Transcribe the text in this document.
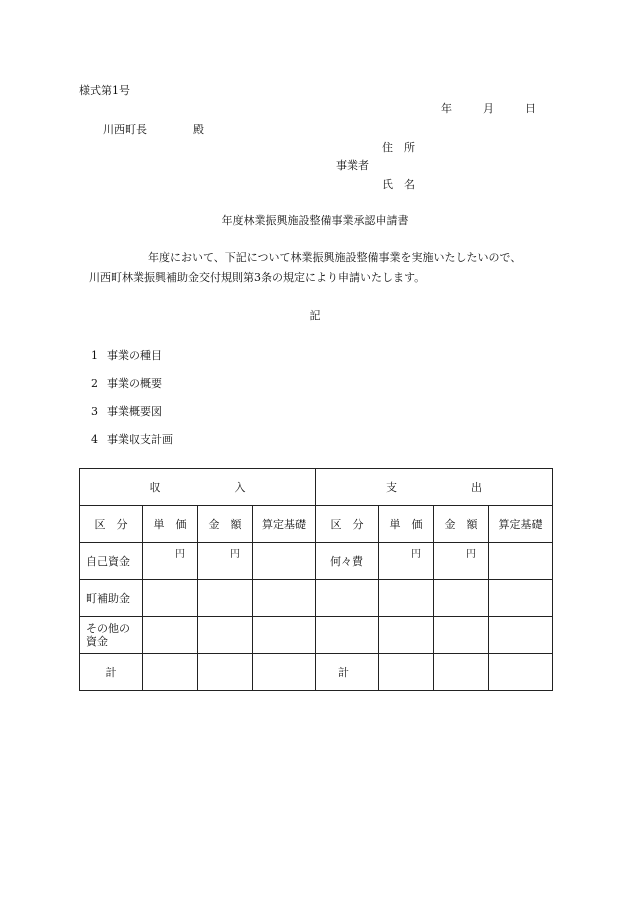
様式第1号
年	月	日
川西町長	殿
住　所
事業者
氏　名
年度林業振興施設整備事業承認申請書
年度において、下記について林業振興施設整備事業を実施いたしたいので、
川西町林業振興補助金交付規則第3条の規定により申請いたします。
記
1 事業の種目
2 事業の概要
3 事業概要図
4 事業収支計画
収 入				支 出			
区　分	単　価	金　額	算定基礎	区　分	単　価	金　額	算定基礎
自己資金	円	円		何々費	円	円	

町補助金							

その他の資金							

計				計			
